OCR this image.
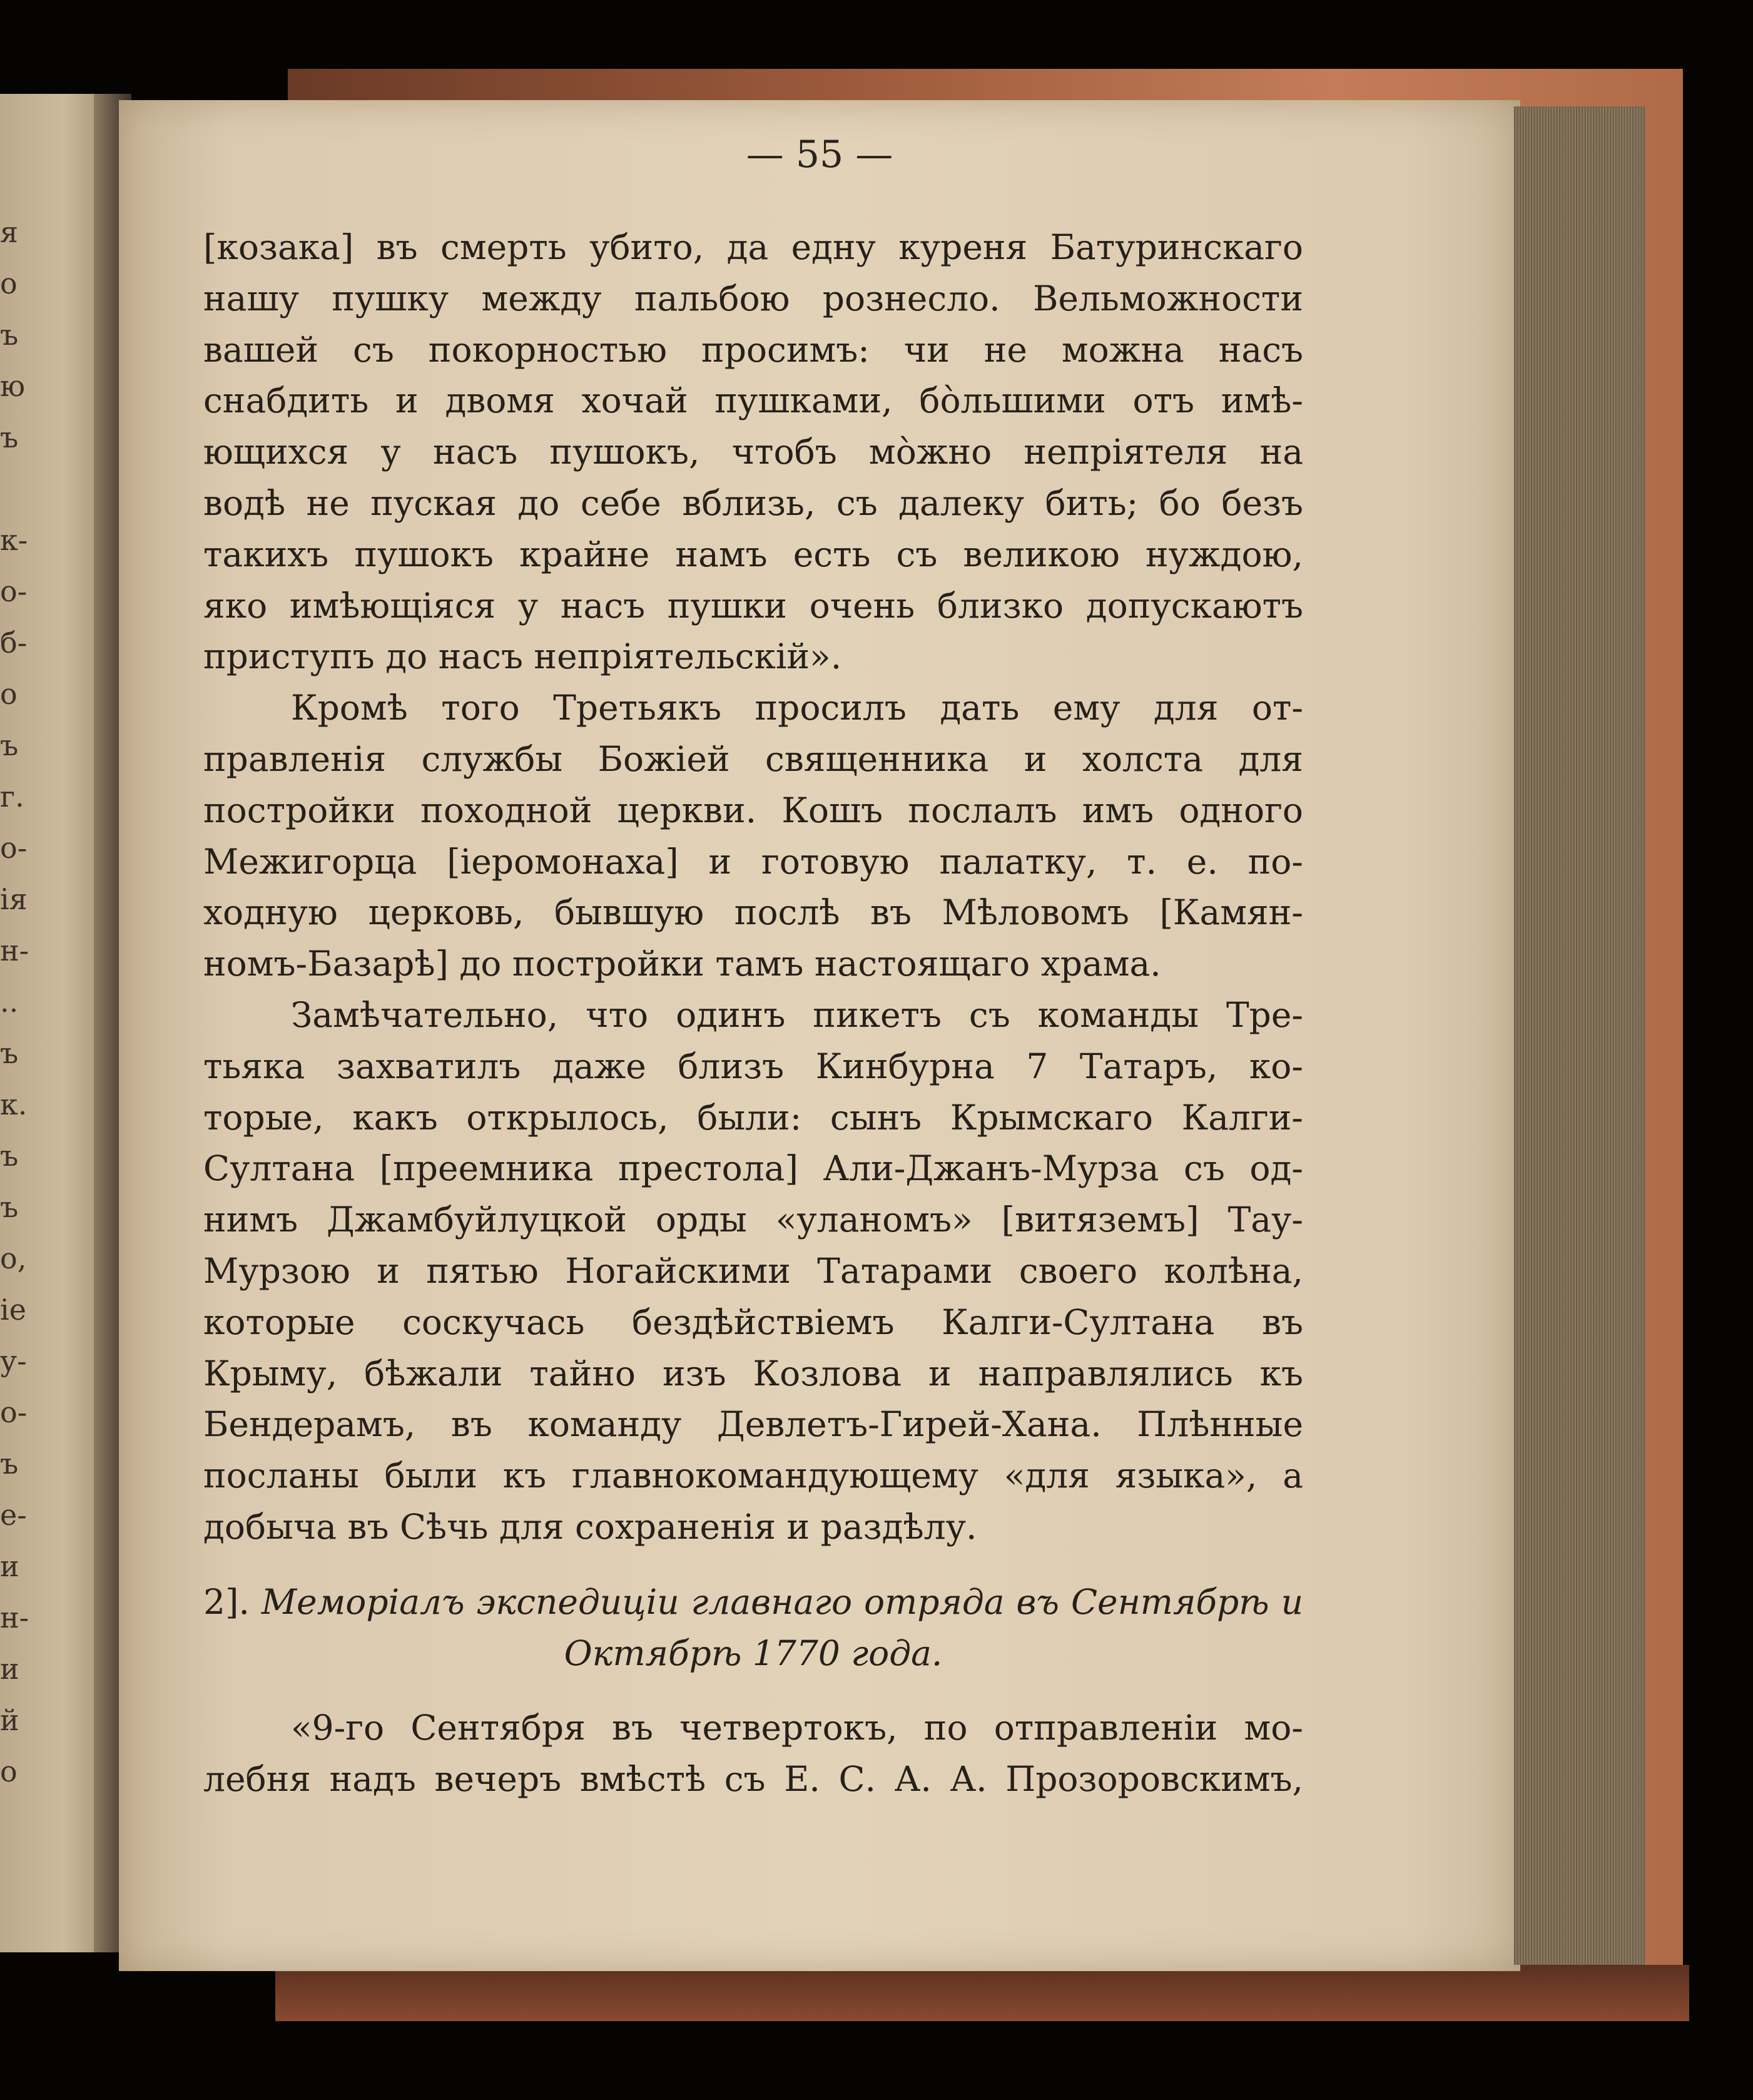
я
о
ъ
ю
ъ
к-
о-
б-
о
ъ
г.
о-
ія
н-
..
ъ
к.
ъ
ъ
о,
ie
у-
о-
ъ
е-
и
н-
и
й
о
— 55 —
[козака] въ смерть убито, да едну куреня Батуринскаго
нашу пушку между пальбою рознесло. Вельможности
вашей съ покорностью просимъ: чи не можна насъ
снабдить и двомя хочай пушками, бо̀льшими отъ имѣ-
ющихся у насъ пушокъ, чтобъ мо̀жно непріятеля на
водѣ не пуская до себе вблизь, съ далеку бить; бо безъ
такихъ пушокъ крайне намъ есть съ великою нуждою,
яко имѣющіяся у насъ пушки очень близко допускаютъ
приступъ до насъ непріятельскій».
Кромѣ того Третьякъ просилъ дать ему для от-
правленія службы Божіей священника и холста для
постройки походной церкви. Кошъ послалъ имъ одного
Межигорца [іеромонаха] и готовую палатку, т. е. по-
ходную церковь, бывшую послѣ въ Мѣловомъ [Камян-
номъ-Базарѣ] до постройки тамъ настоящаго храма.
Замѣчательно, что одинъ пикетъ съ команды Тре-
тьяка захватилъ даже близъ Кинбурна 7 Татаръ, ко-
торые, какъ открылось, были: сынъ Крымскаго Калги-
Султана [преемника престола] Али-Джанъ-Мурза съ од-
нимъ Джамбуйлуцкой орды «уланомъ» [витяземъ] Тау-
Мурзою и пятью Ногайскими Татарами своего колѣна,
которые соскучась бездѣйствіемъ Калги-Султана въ
Крыму, бѣжали тайно изъ Козлова и направлялись къ
Бендерамъ, въ команду Девлетъ-Гирей-Хана. Плѣнные
посланы были къ главнокомандующему «для языка», а
добыча въ Сѣчь для сохраненія и раздѣлу.
2]. Меморіалъ экспедиціи главнаго отряда въ Сентябрѣ и
Октябрѣ 1770 года.
«9-го Сентября въ четвертокъ, по отправленіи мо-
лебня надъ вечеръ вмѣстѣ съ Е. С. А. А. Прозоровскимъ,
